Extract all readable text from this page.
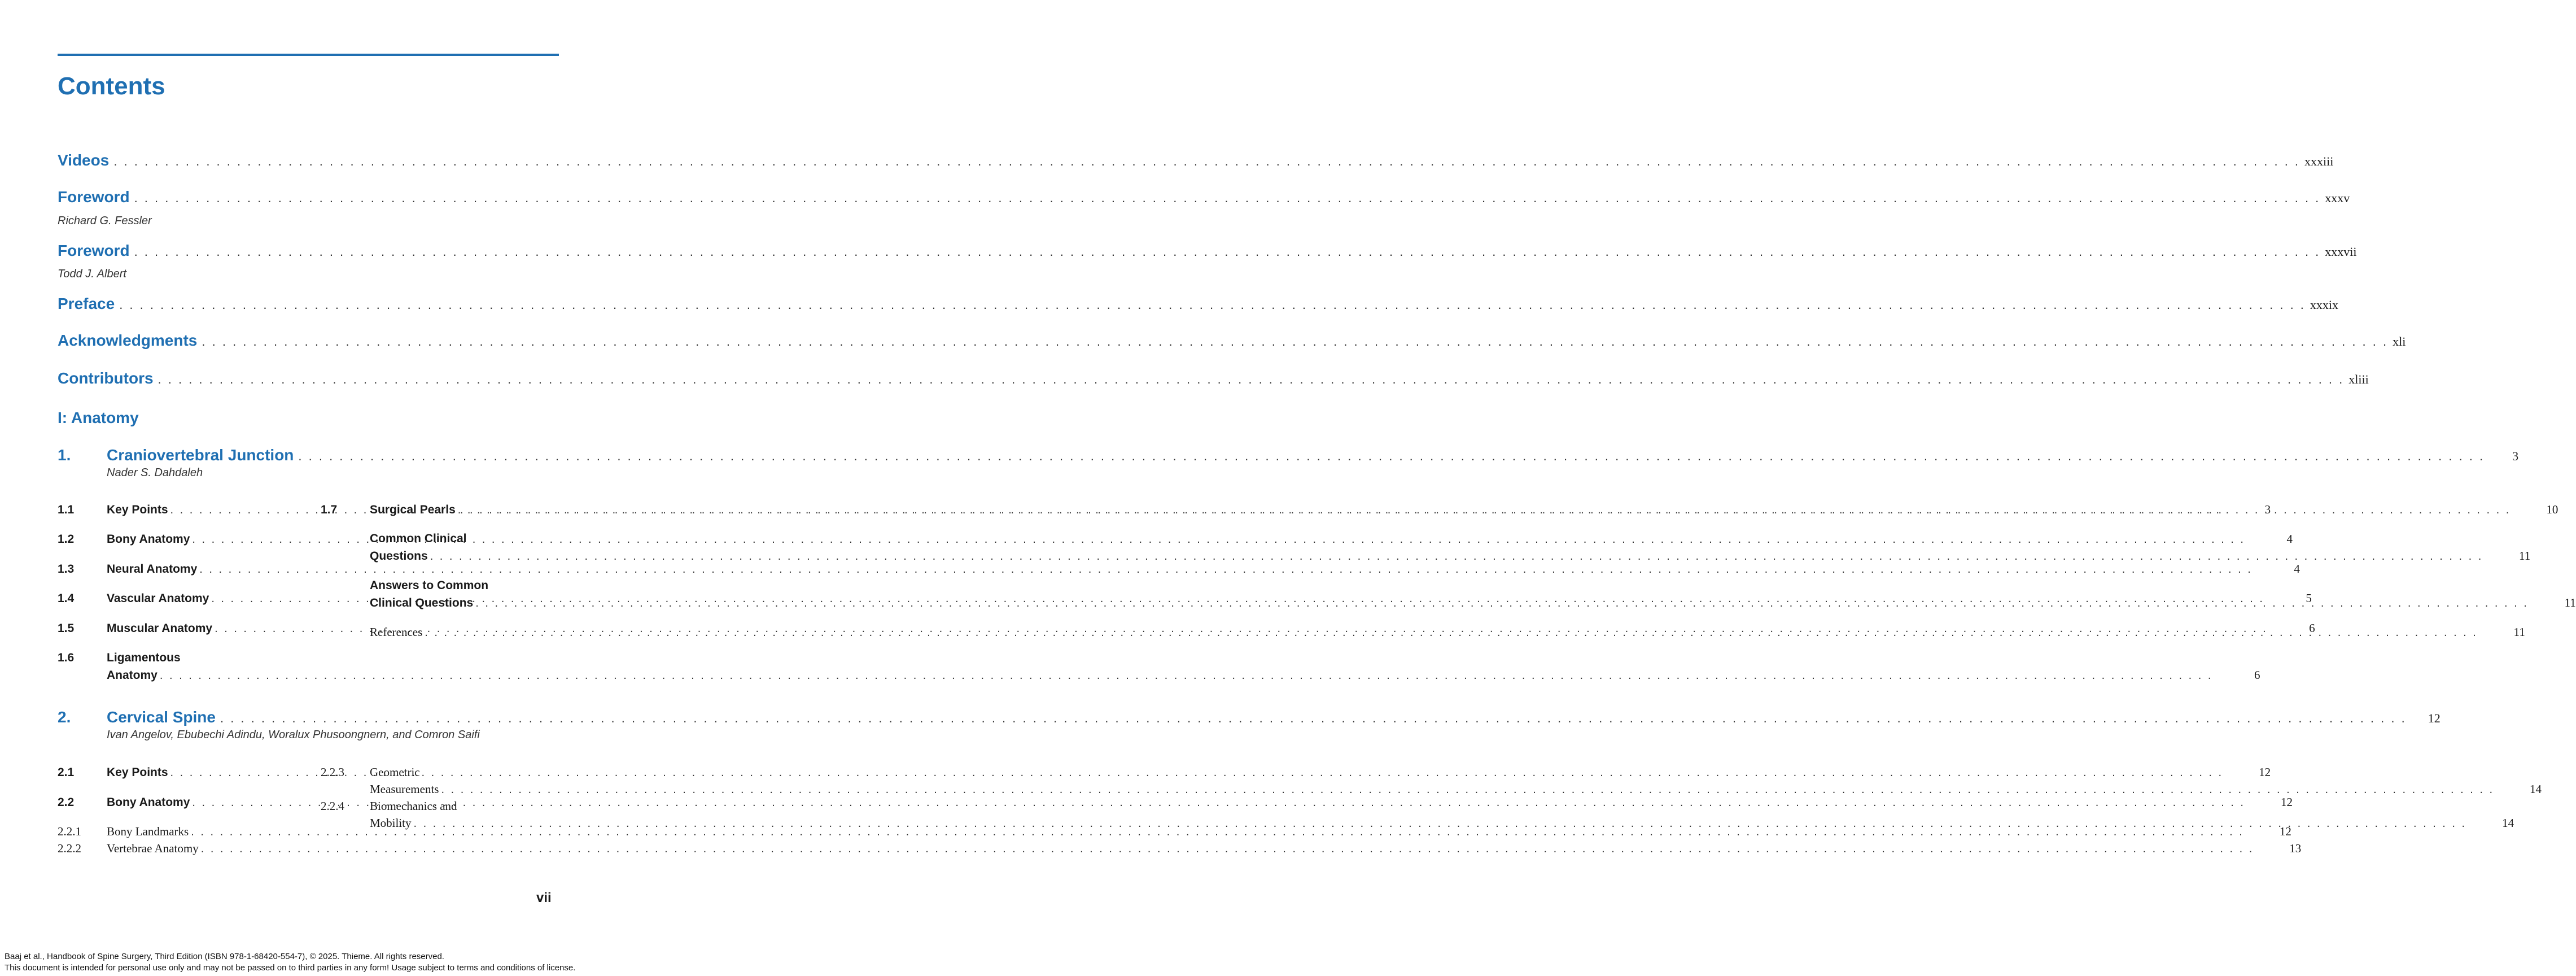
Contents
Videos . . .	xxxiii
Foreword . . .	xxxv
Richard G. Fessler
Foreword . . .	xxxvii
Todd J. Albert
Preface . . .	xxxix
Acknowledgments . . .	xli
Contributors . . .	xliii
I: Anatomy
1. Craniovertebral Junction . . .	3
Nader S. Dahdaleh
1.1	Key Points . . .	3
1.2	Bony Anatomy . . .	4
1.3	Neural Anatomy . . .	4
1.4	Vascular Anatomy . . .	5
1.5	Muscular Anatomy . . .	6
1.6	Ligamentous
Anatomy . . .	6
1.7	Surgical Pearls . . .	10
Common Clinical
Questions . . .	11
Answers to Common
Clinical Questions . . .	11
References . . .	11
2. Cervical Spine . . .	12
Ivan Angelov, Ebubechi Adindu, Woralux Phusoongnern, and Comron Saifi
2.1	Key Points . . .	12
2.2	Bony Anatomy . . .	12
2.2.1	Bony Landmarks . . .	12
2.2.2	Vertebrae Anatomy . . .	13
2.2.3	Geometric
Measurements . . .	14
2.2.4	Biomechanics and
Mobility . . .	14
vii
Baaj et al., Handbook of Spine Surgery, Third Edition (ISBN 978-1-68420-554-7), © 2025. Thieme. All rights reserved.
This document is intended for personal use only and may not be passed on to third parties in any form! Usage subject to terms and conditions of license.
